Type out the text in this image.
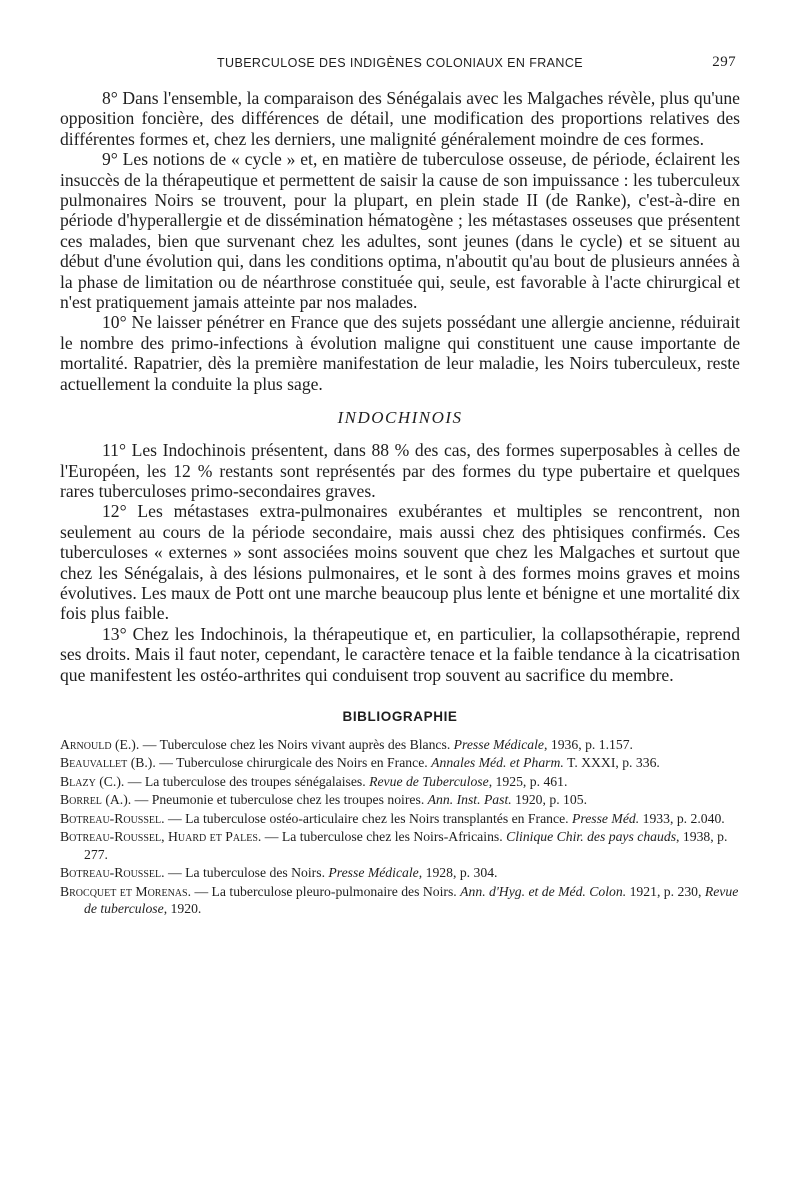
TUBERCULOSE DES INDIGÈNES COLONIAUX EN FRANCE	297

8° Dans l'ensemble, la comparaison des Sénégalais avec les Malgaches révèle, plus qu'une opposition foncière, des différences de détail, une modification des proportions relatives des différentes formes et, chez les derniers, une malignité généralement moindre de ces formes.

9° Les notions de « cycle » et, en matière de tuberculose osseuse, de période, éclairent les insuccès de la thérapeutique et permettent de saisir la cause de son impuissance : les tuberculeux pulmonaires Noirs se trouvent, pour la plupart, en plein stade II (de Ranke), c'est-à-dire en période d'hyperallergie et de dissémination hématogène ; les métastases osseuses que présentent ces malades, bien que survenant chez les adultes, sont jeunes (dans le cycle) et se situent au début d'une évolution qui, dans les conditions optima, n'aboutit qu'au bout de plusieurs années à la phase de limitation ou de néarthrose constituée qui, seule, est favorable à l'acte chirurgical et n'est pratiquement jamais atteinte par nos malades.

10° Ne laisser pénétrer en France que des sujets possédant une allergie ancienne, réduirait le nombre des primo-infections à évolution maligne qui constituent une cause importante de mortalité. Rapatrier, dès la première manifestation de leur maladie, les Noirs tuberculeux, reste actuellement la conduite la plus sage.

INDOCHINOIS

11° Les Indochinois présentent, dans 88 % des cas, des formes superposables à celles de l'Européen, les 12 % restants sont représentés par des formes du type pubertaire et quelques rares tuberculoses primo-secondaires graves.

12° Les métastases extra-pulmonaires exubérantes et multiples se rencontrent, non seulement au cours de la période secondaire, mais aussi chez des phtisiques confirmés. Ces tuberculoses « externes » sont associées moins souvent que chez les Malgaches et surtout que chez les Sénégalais, à des lésions pulmonaires, et le sont à des formes moins graves et moins évolutives. Les maux de Pott ont une marche beaucoup plus lente et bénigne et une mortalité dix fois plus faible.

13° Chez les Indochinois, la thérapeutique et, en particulier, la collapsothérapie, reprend ses droits. Mais il faut noter, cependant, le caractère tenace et la faible tendance à la cicatrisation que manifestent les ostéo-arthrites qui conduisent trop souvent au sacrifice du membre.

BIBLIOGRAPHIE
Arnould (E.). — Tuberculose chez les Noirs vivant auprès des Blancs. Presse Médicale, 1936, p. 1.157.
Beauvallet (B.). — Tuberculose chirurgicale des Noirs en France. Annales Méd. et Pharm. T. XXXI, p. 336.
Blazy (C.). — La tuberculose des troupes sénégalaises. Revue de Tuberculose, 1925, p. 461.
Borrel (A.). — Pneumonie et tuberculose chez les troupes noires. Ann. Inst. Past. 1920, p. 105.
Botreau-Roussel. — La tuberculose ostéo-articulaire chez les Noirs transplantés en France. Presse Méd. 1933, p. 2.040.
Botreau-Roussel, Huard et Pales. — La tuberculose chez les Noirs-Africains. Clinique Chir. des pays chauds, 1938, p. 277.
Botreau-Roussel. — La tuberculose des Noirs. Presse Médicale, 1928, p. 304.
Brocquet et Morenas. — La tuberculose pleuro-pulmonaire des Noirs. Ann. d'Hyg. et de Méd. Colon. 1921, p. 230, Revue de tuberculose, 1920.
